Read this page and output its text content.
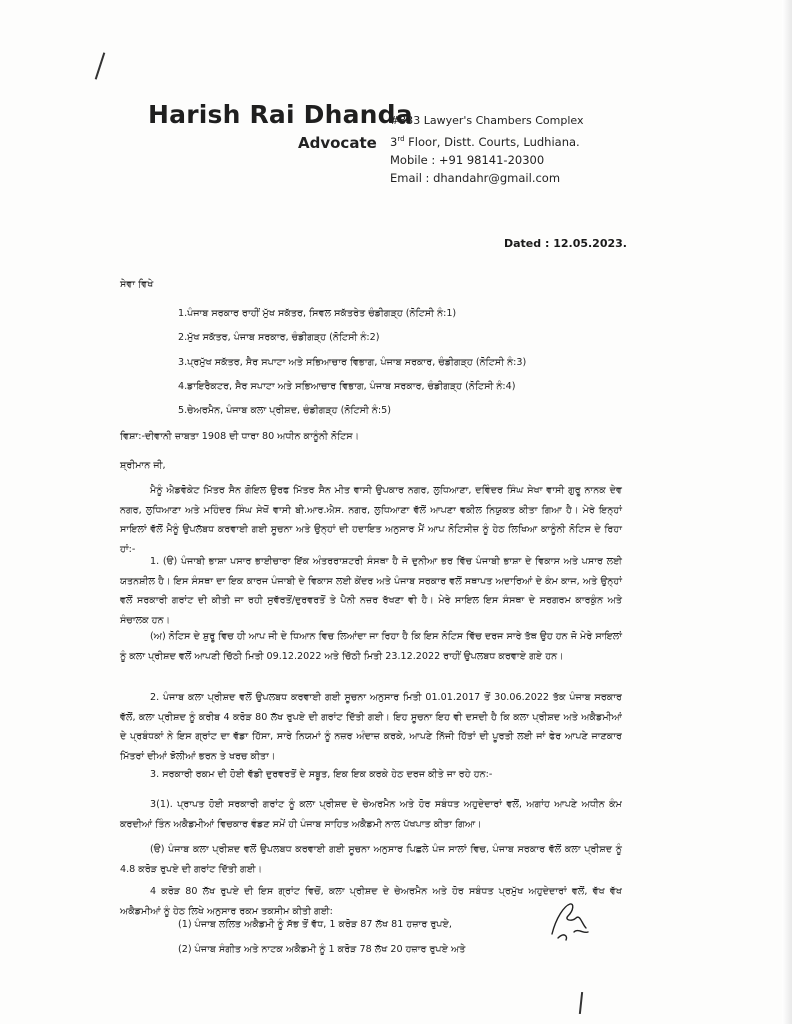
Harish Rai Dhanda
Advocate
#333 Lawyer's Chambers Complex
3rd Floor, Distt. Courts, Ludhiana.
Mobile : +91 98141-20300
Email : dhandahr@gmail.com
Dated : 12.05.2023.
ਸੇਵਾ ਵਿਖੇ
1.ਪੰਜਾਬ ਸਰਕਾਰ ਰਾਹੀਂ ਮੁੱਖ ਸਕੱਤਰ, ਸਿਵਲ ਸਕੱਤਰੇਤ ਚੰਡੀਗੜ੍ਹ (ਨੋਟਿਸੀ ਨੰ:1)
2.ਮੁੱਖ ਸਕੱਤਰ, ਪੰਜਾਬ ਸਰਕਾਰ, ਚੰਡੀਗੜ੍ਹ (ਨੋਟਿਸੀ ਨੰ:2)
3.ਪ੍ਰਮੁੱਖ ਸਕੱਤਰ, ਸੈਰ ਸਪਾਟਾ ਅਤੇ ਸਭਿਆਚਾਰ ਵਿਭਾਗ, ਪੰਜਾਬ ਸਰਕਾਰ, ਚੰਡੀਗੜ੍ਹ (ਨੋਟਿਸੀ ਨੰ:3)
4.ਡਾਇਰੈਕਟਰ, ਸੈਰ ਸਪਾਟਾ ਅਤੇ ਸਭਿਆਚਾਰ ਵਿਭਾਗ, ਪੰਜਾਬ ਸਰਕਾਰ, ਚੰਡੀਗੜ੍ਹ (ਨੋਟਿਸੀ ਨੰ:4)
5.ਚੇਅਰਮੈਨ, ਪੰਜਾਬ ਕਲਾ ਪ੍ਰੀਸ਼ਦ, ਚੰਡੀਗੜ੍ਹ (ਨੋਟਿਸੀ ਨੰ:5)
ਵਿਸ਼ਾ:-ਦੀਵਾਨੀ ਜ਼ਾਬਤਾ 1908 ਦੀ ਧਾਰਾ 80 ਅਧੀਨ ਕਾਨੂੰਨੀ ਨੋਟਿਸ।
ਸ਼੍ਰੀਮਾਨ ਜੀ,
ਮੈਨੂੰ ਐਡਵੋਕੇਟ ਮਿੱਤਰ ਸੈਨ ਗੋਇਲ ਉਰਫ ਮਿੱਤਰ ਸੈਨ ਮੀਤ ਵਾਸੀ ਉਪਕਾਰ ਨਗਰ, ਲੁਧਿਆਣਾ, ਦਵਿੰਦਰ ਸਿੰਘ ਸੇਖਾ ਵਾਸੀ ਗੁਰੂ ਨਾਨਕ ਦੇਵ ਨਗਰ, ਲੁਧਿਆਣਾ ਅਤੇ ਮਹਿੰਦਰ ਸਿੰਘ ਸੇਖੋਂ ਵਾਸੀ ਬੀ.ਆਰ.ਐਸ. ਨਗਰ, ਲੁਧਿਆਣਾ ਵੱਲੋਂ ਆਪਣਾ ਵਕੀਲ ਨਿਯੁਕਤ ਕੀਤਾ ਗਿਆ ਹੈ। ਮੇਰੇ ਇਨ੍ਹਾਂ ਸਾਇਲਾਂ ਵੱਲੋਂ ਮੈਨੂੰ ਉਪਲੱਬਧ ਕਰਵਾਈ ਗਈ ਸੂਚਨਾ ਅਤੇ ਉਨ੍ਹਾਂ ਦੀ ਹਦਾਇਤ ਅਨੁਸਾਰ ਮੈਂ ਆਪ ਨੋਟਿਸੀਜ਼ ਨੂੰ ਹੇਠ ਲਿਖਿਆ ਕਾਨੂੰਨੀ ਨੋਟਿਸ ਦੇ ਰਿਹਾ ਹਾਂ:-
1. (ੳ) ਪੰਜਾਬੀ ਭਾਸ਼ਾ ਪਸਾਰ ਭਾਈਚਾਰਾ ਇੱਕ ਅੰਤਰਰਾਸ਼ਟਰੀ ਸੰਸਥਾ ਹੈ ਜੋ ਦੁਨੀਆ ਭਰ ਵਿੱਚ ਪੰਜਾਬੀ ਭਾਸ਼ਾ ਦੇ ਵਿਕਾਸ ਅਤੇ ਪਸਾਰ ਲਈ ਯਤਨਸ਼ੀਲ ਹੈ। ਇਸ ਸੰਸਥਾ ਦਾ ਇਕ ਕਾਰਜ ਪੰਜਾਬੀ ਦੇ ਵਿਕਾਸ ਲਈ ਕੇਂਦਰ ਅਤੇ ਪੰਜਾਬ ਸਰਕਾਰ ਵਲੋਂ ਸਥਾਪਤ ਅਦਾਰਿਆਂ ਦੇ ਕੰਮ ਕਾਜ, ਅਤੇ ਉਨ੍ਹਾਂ ਵਲੋਂ ਸਰਕਾਰੀ ਗਰਾਂਟ ਦੀ ਕੀਤੀ ਜਾ ਰਹੀ ਸੁਵੱਰਤੋਂ/ਦੁਰਵਰਤੋਂ ਤੇ ਪੈਨੀ ਨਜ਼ਰ ਰੱਖਣਾ ਵੀ ਹੈ। ਮੇਰੇ ਸਾਇਲ ਇਸ ਸੰਸਥਾ ਦੇ ਸਰਗਰਮ ਕਾਰਕੁੰਨ ਅਤੇ ਸੰਚਾਲਕ ਹਨ।
(ਅ) ਨੋਟਿਸ ਦੇ ਸ਼ੁਰੂ ਵਿਚ ਹੀ ਆਪ ਜੀ ਦੇ ਧਿਆਨ ਵਿਚ ਲਿਆਂਦਾ ਜਾ ਰਿਹਾ ਹੈ ਕਿ ਇਸ ਨੋਟਿਸ ਵਿੱਚ ਦਰਜ ਸਾਰੇ ਤੱਥ ਉਹ ਹਨ ਜੋ ਮੇਰੇ ਸਾਇਲਾਂ ਨੂੰ ਕਲਾ ਪ੍ਰੀਸ਼ਦ ਵਲੋਂ ਆਪਣੀ ਚਿੱਠੀ ਮਿਤੀ 09.12.2022 ਅਤੇ ਚਿੱਠੀ ਮਿਤੀ 23.12.2022 ਰਾਹੀਂ ਉਪਲਬਧ ਕਰਵਾਏ ਗਏ ਹਨ।
2. ਪੰਜਾਬ ਕਲਾ ਪ੍ਰੀਸ਼ਦ ਵਲੋਂ ਉਪਲਬਧ ਕਰਵਾਈ ਗਈ ਸੂਚਨਾ ਅਨੁਸਾਰ ਮਿਤੀ 01.01.2017 ਤੋਂ 30.06.2022 ਤੱਕ ਪੰਜਾਬ ਸਰਕਾਰ ਵੱਲੋਂ, ਕਲਾ ਪ੍ਰੀਸ਼ਦ ਨੂੰ ਕਰੀਬ 4 ਕਰੋੜ 80 ਲੱਖ ਰੁਪਏ ਦੀ ਗਰਾਂਟ ਦਿੱਤੀ ਗਈ। ਇਹ ਸੂਚਨਾ ਇਹ ਵੀ ਦਸਦੀ ਹੈ ਕਿ ਕਲਾ ਪ੍ਰੀਸ਼ਦ ਅਤੇ ਅਕੈਡਮੀਆਂ ਦੇ ਪ੍ਰਬੰਧਕਾਂ ਨੇ ਇਸ ਗ੍ਰਾਂਟ ਦਾ ਵੱਡਾ ਹਿੱਸਾ, ਸਾਰੇ ਨਿਯਮਾਂ ਨੂੰ ਨਜ਼ਰ ਅੰਦਾਜ਼ ਕਰਕੇ, ਆਪਣੇ ਨਿੱਜੀ ਹਿੱਤਾਂ ਦੀ ਪੂਰਤੀ ਲਈ ਜਾਂ ਫੇਰ ਆਪਣੇ ਜਾਣਕਾਰ ਮਿੱਤਰਾਂ ਦੀਆਂ ਝੋਲੀਆਂ ਭਰਨ ਤੇ ਖਰਚ ਕੀਤਾ।
3. ਸਰਕਾਰੀ ਰਕਮ ਦੀ ਹੋਈ ਵੱਡੀ ਦੁਰਵਰਤੋਂ ਦੇ ਸਬੂਤ, ਇਕ ਇਕ ਕਰਕੇ ਹੇਠ ਦਰਜ ਕੀਤੇ ਜਾ ਰਹੇ ਹਨ:-
3(1). ਪ੍ਰਾਪਤ ਹੋਈ ਸਰਕਾਰੀ ਗਰਾਂਟ ਨੂੰ ਕਲਾ ਪ੍ਰੀਸ਼ਦ ਦੇ ਚੇਅਰਮੈਨ ਅਤੇ ਹੋਰ ਸਬੰਧਤ ਅਹੁਦੇਦਾਰਾਂ ਵਲੋਂ, ਅਗਾਂਹ ਆਪਣੇ ਅਧੀਨ ਕੰਮ ਕਰਦੀਆਂ ਤਿੰਨ ਅਕੈਡਮੀਆਂ ਵਿਚਕਾਰ ਵੰਡਣ ਸਮੇਂ ਹੀ ਪੰਜਾਬ ਸਾਹਿਤ ਅਕੈਡਮੀ ਨਾਲ ਪੱਖਪਾਤ ਕੀਤਾ ਗਿਆ।
(ੳ) ਪੰਜਾਬ ਕਲਾ ਪ੍ਰੀਸ਼ਦ ਵਲੋਂ ਉਪਲਬਧ ਕਰਵਾਈ ਗਈ ਸੂਚਨਾ ਅਨੁਸਾਰ ਪਿਛਲੇ ਪੰਜ ਸਾਲਾਂ ਵਿਚ, ਪੰਜਾਬ ਸਰਕਾਰ ਵੱਲੋਂ ਕਲਾ ਪ੍ਰੀਸ਼ਦ ਨੂੰ 4.8 ਕਰੋੜ ਰੁਪਏ ਦੀ ਗਰਾਂਟ ਦਿੱਤੀ ਗਈ।
4 ਕਰੋੜ 80 ਲੱਖ ਰੁਪਏ ਦੀ ਇਸ ਗ੍ਰਾਂਟ ਵਿਚੋਂ, ਕਲਾ ਪ੍ਰੀਸ਼ਦ ਦੇ ਚੇਅਰਮੈਨ ਅਤੇ ਹੋਰ ਸਬੰਧਤ ਪ੍ਰਮੁੱਖ ਅਹੁਦੇਦਾਰਾਂ ਵਲੋਂ, ਵੱਖ ਵੱਖ ਅਕੈਡਮੀਆਂ ਨੂੰ ਹੇਠ ਲਿਖੇ ਅਨੁਸਾਰ ਰਕਮ ਤਕਸੀਮ ਕੀਤੀ ਗਈ:
(1) ਪੰਜਾਬ ਲਲਿਤ ਅਕੈਡਮੀ ਨੂੰ ਸੱਭ ਤੋਂ ਵੱਧ, 1 ਕਰੋੜ 87 ਲੱਖ 81 ਹਜ਼ਾਰ ਰੁਪਏ,
(2) ਪੰਜਾਬ ਸੰਗੀਤ ਅਤੇ ਨਾਟਕ ਅਕੈਡਮੀ ਨੂੰ 1 ਕਰੋੜ 78 ਲੱਖ 20 ਹਜ਼ਾਰ ਰੁਪਏ ਅਤੇ
